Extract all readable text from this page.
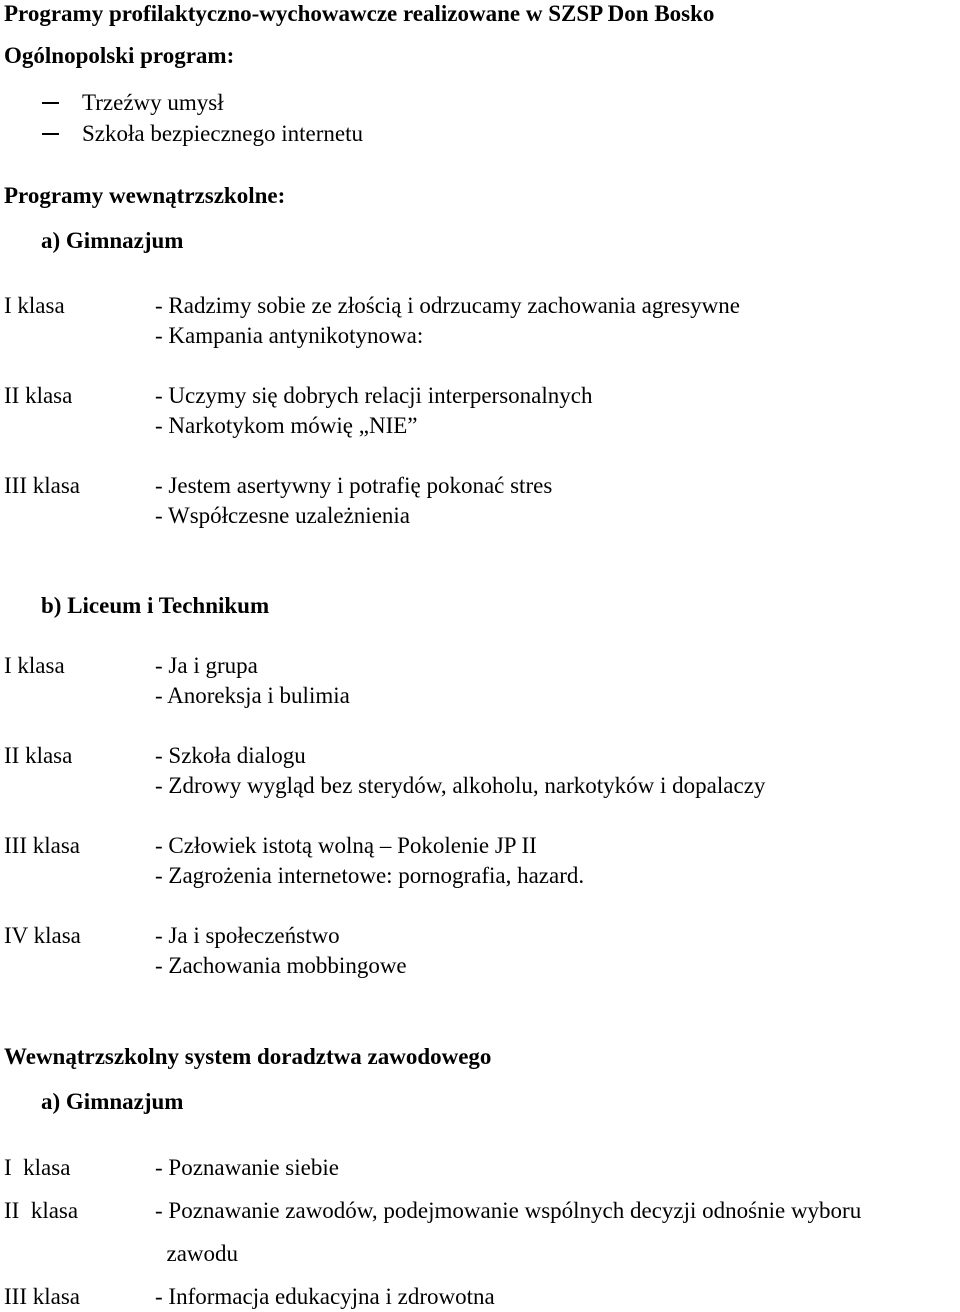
Programy profilaktyczno-wychowawcze realizowane w SZSP Don Bosko
Ogólnopolski program:
Trzeźwy umysł
Szkoła bezpiecznego internetu
Programy wewnątrzszkolne:
a) Gimnazjum
I klasa	- Radzimy sobie ze złością i odrzucamy zachowania agresywne
- Kampania antynikotynowa:
II klasa	- Uczymy się dobrych relacji interpersonalnych
- Narkotykom mówię „NIE”
III klasa	- Jestem asertywny i potrafię pokonać stres
- Współczesne uzależnienia
b) Liceum i Technikum
I klasa	- Ja i grupa
- Anoreksja i bulimia
II klasa	- Szkoła dialogu
- Zdrowy wygląd bez sterydów, alkoholu, narkotyków i dopalaczy
III klasa	- Człowiek istotą wolną – Pokolenie JP II
- Zagrożenia internetowe: pornografia, hazard.
IV klasa	- Ja i społeczeństwo
- Zachowania mobbingowe
Wewnątrzszkolny system doradztwa zawodowego
a) Gimnazjum
I  klasa	- Poznawanie siebie
II  klasa	- Poznawanie zawodów, podejmowanie wspólnych decyzji odnośnie wyboru
zawodu
III klasa	- Informacja edukacyjna i zdrowotna
